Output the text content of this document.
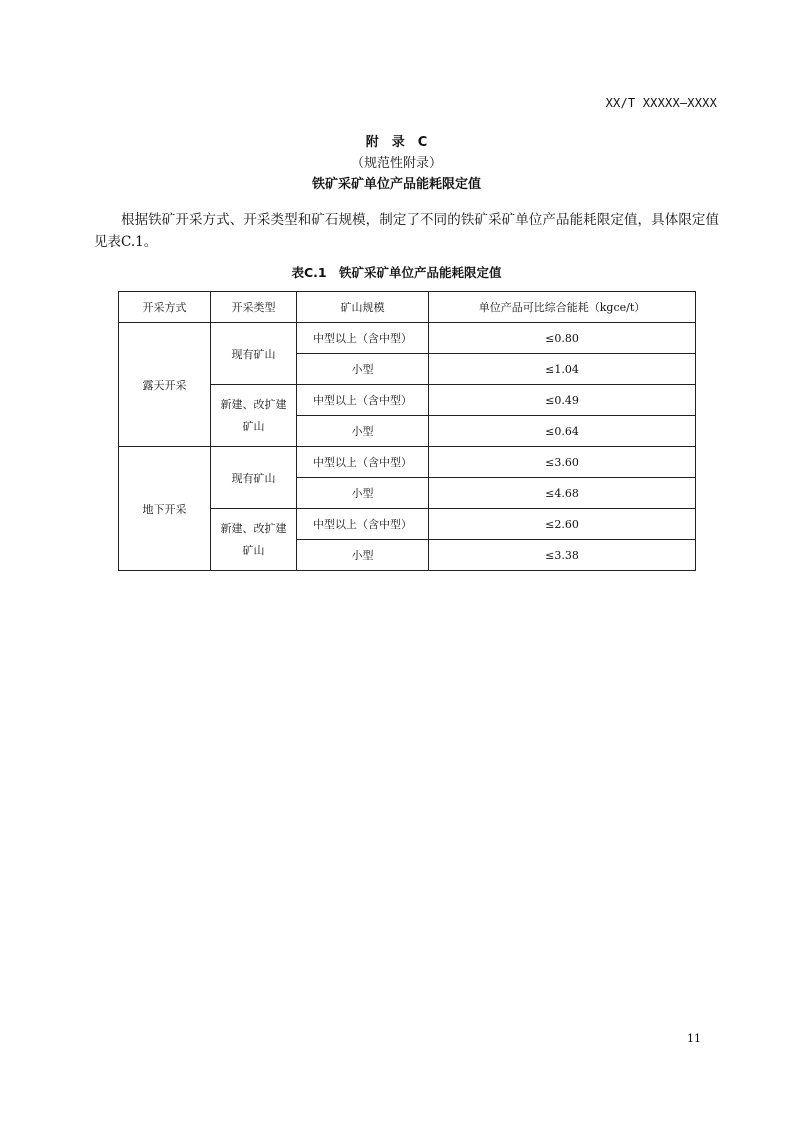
XX/T XXXXX—XXXX
附　录　C
（规范性附录）
铁矿采矿单位产品能耗限定值

根据铁矿开采方式、开采类型和矿石规模，制定了不同的铁矿采矿单位产品能耗限定值，具体限定值见表C.1。

表C.1　铁矿采矿单位产品能耗限定值
开采方式	开采类型	矿山规模	单位产品可比综合能耗（kgce/t）
露天开采	现有矿山	中型以上（含中型）	≤0.80
		小型	≤1.04
	新建、改扩建矿山	中型以上（含中型）	≤0.49
		小型	≤0.64
地下开采	现有矿山	中型以上（含中型）	≤3.60
		小型	≤4.68
	新建、改扩建矿山	中型以上（含中型）	≤2.60
		小型	≤3.38
11
